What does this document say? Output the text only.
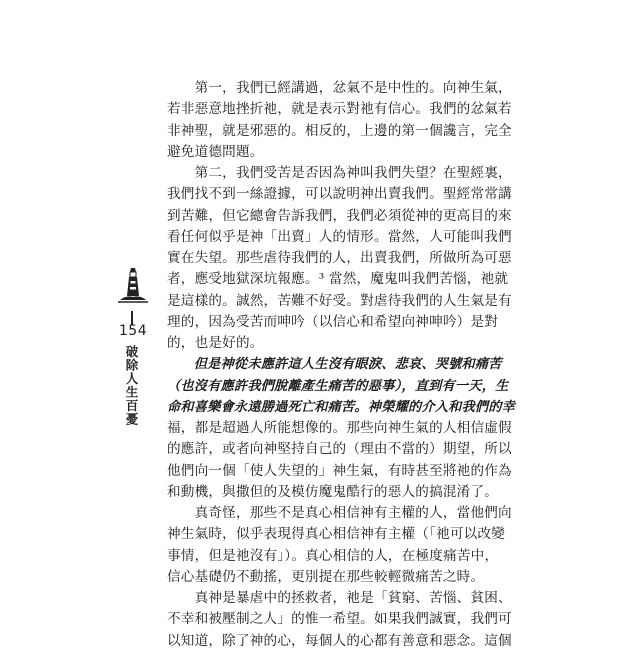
154
破除人生百憂
　　第一，我們已經講過，忿氣不是中性的。向神生氣，
若非惡意地挫折祂，就是表示對祂有信心。我們的忿氣若
非神聖，就是邪惡的。相反的，上邊的第一個讒言，完全
避免道德問題。
　　第二，我們受苦是否因為神叫我們失望？在聖經裏，
我們找不到一絲證據，可以說明神出賣我們。聖經常常講
到苦難，但它總會告訴我們，我們必須從神的更高目的來
看任何似乎是神「出賣」人的情形。當然，人可能叫我們
實在失望。那些虐待我們的人，出賣我們，所做所為可惡
者，應受地獄深坑報應。³ 當然，魔鬼叫我們苦惱，祂就
是這樣的。誠然，苦難不好受。對虐待我們的人生氣是有
理的，因為受苦而呻吟（以信心和希望向神呻吟）是對
的，也是好的。
　　但是神從未應許這人生沒有眼淚、悲哀、哭號和痛苦
（也沒有應許我們脫離產生痛苦的惡事），直到有一天，生
命和喜樂會永遠勝過死亡和痛苦。神榮耀的介入和我們的幸
福，都是超過人所能想像的。那些向神生氣的人相信虛假
的應許，或者向神堅持自己的（理由不當的）期望，所以
他們向一個「使人失望的」神生氣，有時甚至將祂的作為
和動機，與撒但的及模仿魔鬼酷行的惡人的搞混淆了。
　　真奇怪，那些不是真心相信神有主權的人，當他們向
神生氣時，似乎表現得真心相信神有主權（「祂可以改變
事情，但是祂沒有」）。真心相信的人，在極度痛苦中，
信心基礎仍不動搖，更別提在那些較輕微痛苦之時。
　　真神是暴虐中的拯救者，祂是「貧窮、苦惱、貧困、
不幸和被壓制之人」的惟一希望。如果我們誠實，我們可
以知道，除了神的心，每個人的心都有善意和惡念。這個
